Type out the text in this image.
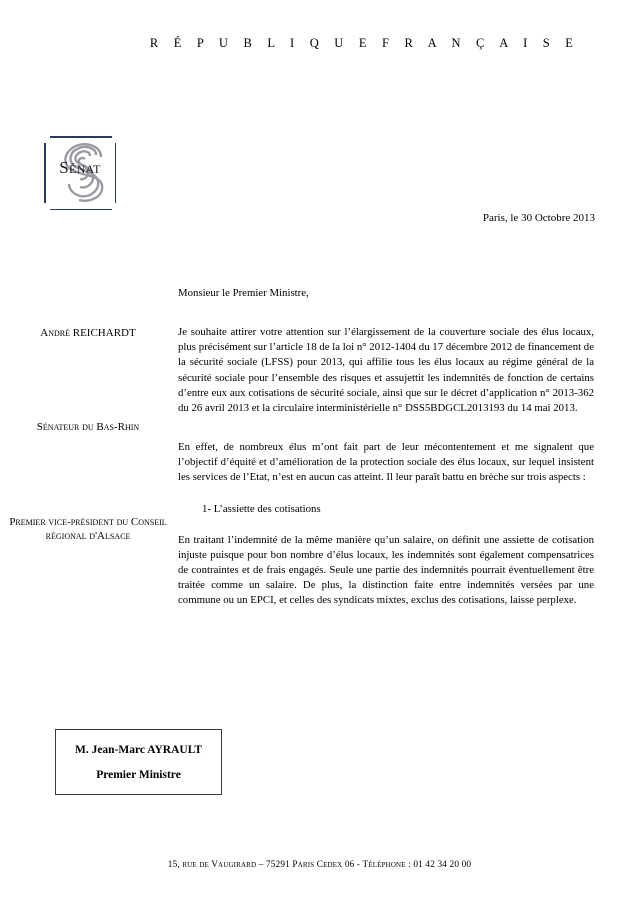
R É P U B L I Q U E F R A N Ç A I S E
Sénat
Paris, le 30 Octobre 2013
André REICHARDT
Sénateur du Bas-Rhin
Premier vice-président du Conseil régional d'Alsace

Monsieur le Premier Ministre,

Je souhaite attirer votre attention sur l’élargissement de la couverture sociale des élus locaux, plus précisément sur l’article 18 de la loi n° 2012-1404 du 17 décembre 2012 de financement de la sécurité sociale (LFSS) pour 2013, qui affilie tous les élus locaux au régime général de la sécurité sociale pour l’ensemble des risques et assujettit les indemnités de fonction de certains d’entre eux aux cotisations de sécurité sociale, ainsi que sur le décret d’application n° 2013-362 du 26 avril 2013 et la circulaire interministérielle n° DSS5BDGCL2013193 du 14 mai 2013.

En effet, de nombreux élus m’ont fait part de leur mécontentement et me signalent que l’objectif d’équité et d’amélioration de la protection sociale des élus locaux, sur lequel insistent les services de l’Etat, n’est en aucun cas atteint. Il leur paraît battu en brèche sur trois aspects :

1- L’assiette des cotisations

En traitant l’indemnité de la même manière qu’un salaire, on définit une assiette de cotisation injuste puisque pour bon nombre d’élus locaux, les indemnités sont également compensatrices de contraintes et de frais engagés. Seule une partie des indemnités pourrait éventuellement être traitée comme un salaire. De plus, la distinction faite entre indemnités versées par une commune ou un EPCI, et celles des syndicats mixtes, exclus des cotisations, laisse perplexe.

M. Jean-Marc AYRAULT
Premier Ministre
15, rue de Vaugirard – 75291 Paris Cedex 06 - Téléphone : 01 42 34 20 00
